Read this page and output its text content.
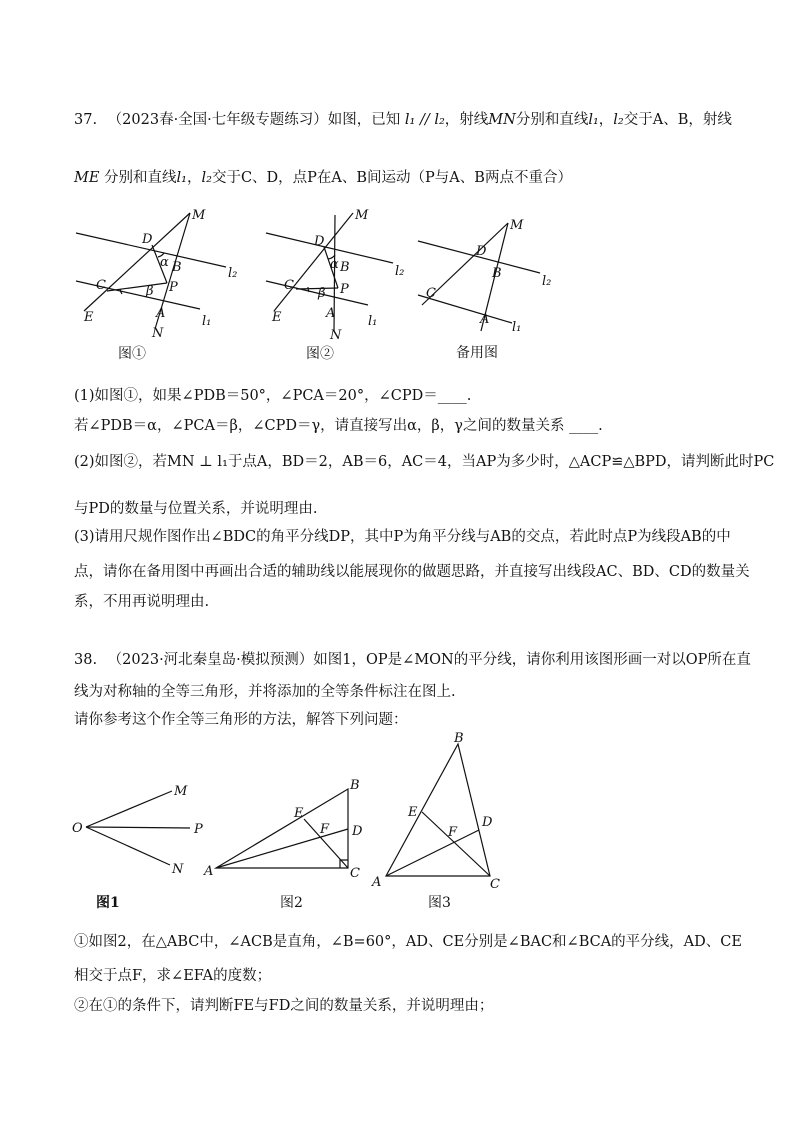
37. （2023春·全国·七年级专题练习）如图，已知 l₁ // l₂，射线MN分别和直线l₁，l₂交于A、B，射线
ME 分别和直线l₁，l₂交于C、D，点P在A、B间运动（P与A、B两点不重合）
M
D
α B	l₂
C	β P
E	A
l₁
N
图①
M
D
α B	l₂
C
β P
E	A
l₁
N
图②
M
D
B
l₂
C
A
l₁
备用图
(1)如图①，如果∠PDB＝50°，∠PCA＝20°，∠CPD＝____.
若∠PDB＝α，∠PCA＝β，∠CPD＝γ，请直接写出α，β，γ之间的数量关系 ____.
(2)如图②，若MN ⊥ l₁于点A，BD＝2，AB＝6，AC＝4，当AP为多少时，△ACP≌△BPD，请判断此时PC
与PD的数量与位置关系，并说明理由.
(3)请用尺规作图作出∠BDC的角平分线DP，其中P为角平分线与AB的交点，若此时点P为线段AB的中
点，请你在备用图中再画出合适的辅助线以能展现你的做题思路，并直接写出线段AC、BD、CD的数量关
系，不用再说明理由.
38. （2023·河北秦皇岛·模拟预测）如图1，OP是∠MON的平分线，请你利用该图形画一对以OP所在直
线为对称轴的全等三角形，并将添加的全等条件标注在图上.
请你参考这个作全等三角形的方法，解答下列问题：
O
M
P
N
图1
B
E
F D
A	C
图2
B
E
F
D
A	C
图3
①如图2，在△ABC中，∠ACB是直角，∠B=60°，AD、CE分别是∠BAC和∠BCA的平分线，AD、CE
相交于点F，求∠EFA的度数；
②在①的条件下，请判断FE与FD之间的数量关系，并说明理由；
